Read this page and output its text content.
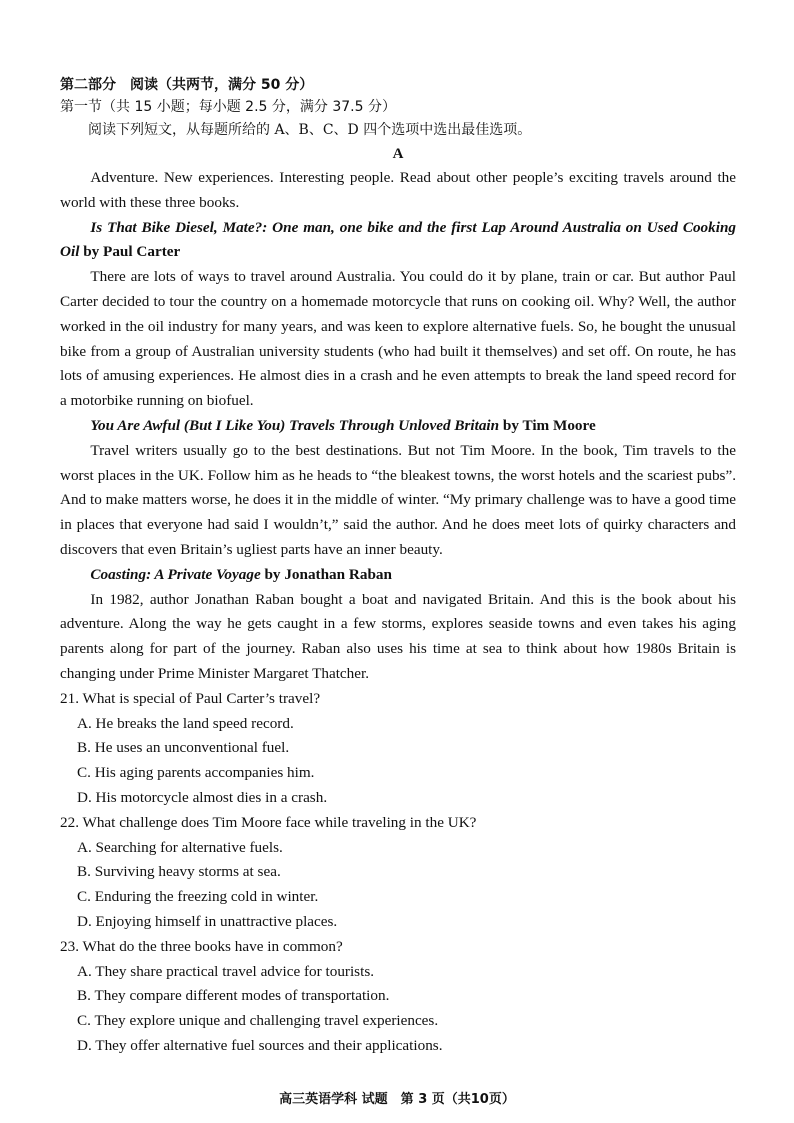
第二部分　阅读（共两节，满分 50 分）
第一节（共 15 小题；每小题 2.5 分，满分 37.5 分）
阅读下列短文，从每题所给的 A、B、C、D 四个选项中选出最佳选项。
A

Adventure. New experiences. Interesting people. Read about other people’s exciting travels around the world with these three books.

Is That Bike Diesel, Mate?: One man, one bike and the first Lap Around Australia on Used Cooking Oil by Paul Carter

There are lots of ways to travel around Australia. You could do it by plane, train or car. But author Paul Carter decided to tour the country on a homemade motorcycle that runs on cooking oil. Why? Well, the author worked in the oil industry for many years, and was keen to explore alternative fuels. So, he bought the unusual bike from a group of Australian university students (who had built it themselves) and set off. On route, he has lots of amusing experiences. He almost dies in a crash and he even attempts to break the land speed record for a motorbike running on biofuel.

You Are Awful (But I Like You) Travels Through Unloved Britain by Tim Moore

Travel writers usually go to the best destinations. But not Tim Moore. In the book, Tim travels to the worst places in the UK. Follow him as he heads to “the bleakest towns, the worst hotels and the scariest pubs”. And to make matters worse, he does it in the middle of winter. “My primary challenge was to have a good time in places that everyone had said I wouldn’t,” said the author. And he does meet lots of quirky characters and discovers that even Britain’s ugliest parts have an inner beauty.

Coasting: A Private Voyage by Jonathan Raban

In 1982, author Jonathan Raban bought a boat and navigated Britain. And this is the book about his adventure. Along the way he gets caught in a few storms, explores seaside towns and even takes his aging parents along for part of the journey. Raban also uses his time at sea to think about how 1980s Britain is changing under Prime Minister Margaret Thatcher.

21. What is special of Paul Carter’s travel?
A. He breaks the land speed record.
B. He uses an unconventional fuel.
C. His aging parents accompanies him.
D. His motorcycle almost dies in a crash.
22. What challenge does Tim Moore face while traveling in the UK?
A. Searching for alternative fuels.
B. Surviving heavy storms at sea.
C. Enduring the freezing cold in winter.
D. Enjoying himself in unattractive places.
23. What do the three books have in common?
A. They share practical travel advice for tourists.
B. They compare different modes of transportation.
C. They explore unique and challenging travel experiences.
D. They offer alternative fuel sources and their applications.
高三英语学科 试题　第 3 页（共10页）
